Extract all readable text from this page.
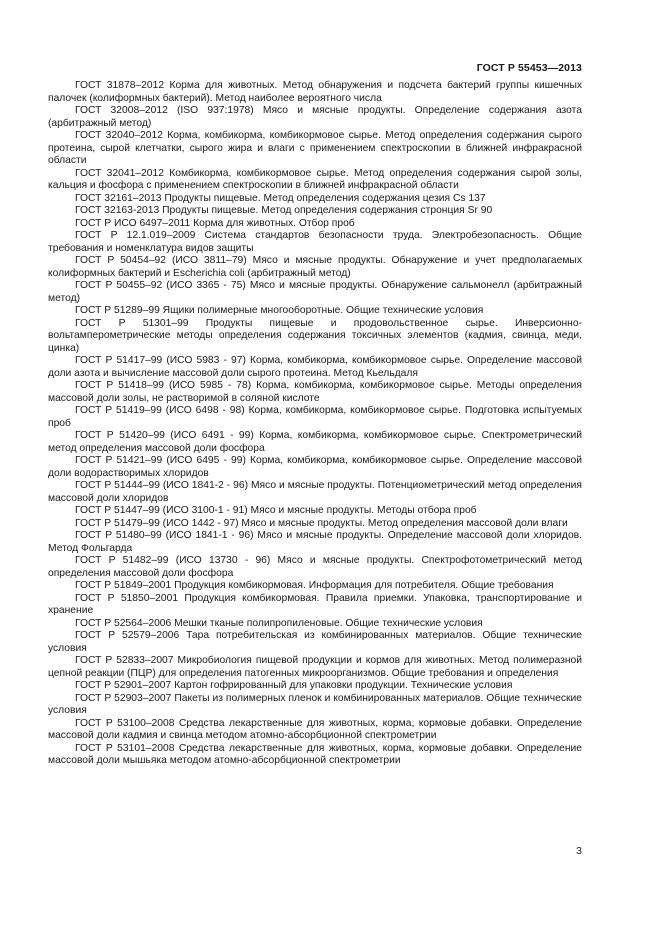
ГОСТ Р 55453—2013

ГОСТ 31878–2012 Корма для животных. Метод обнаружения и подсчета бактерий группы кишечных палочек (колиформных бактерий). Метод наиболее вероятного числа

ГОСТ 32008–2012 (ISO 937:1978) Мясо и мясные продукты. Определение содержания азота (арбитражный метод)

ГОСТ 32040–2012 Корма, комбикорма, комбикормовое сырье. Метод определения содержания сырого протеина, сырой клетчатки, сырого жира и влаги с применением спектроскопии в ближней инфракрасной области

ГОСТ 32041–2012 Комбикорма, комбикормовое сырье. Метод определения содержания сырой золы, кальция и фосфора с применением спектроскопии в ближней инфракрасной области

ГОСТ 32161–2013 Продукты пищевые. Метод определения содержания цезия Cs 137

ГОСТ 32163-2013 Продукты пищевые. Метод определения содержания стронция Sr 90

ГОСТ Р ИСО 6497–2011 Корма для животных. Отбор проб

ГОСТ Р 12.1.019–2009 Система стандартов безопасности труда. Электробезопасность. Общие требования и номенклатура видов защиты

ГОСТ Р 50454–92 (ИСО 3811–79) Мясо и мясные продукты. Обнаружение и учет предполагаемых колиформных бактерий и Escherichia coli (арбитражный метод)

ГОСТ Р 50455–92 (ИСО 3365 - 75) Мясо и мясные продукты. Обнаружение сальмонелл (арбитражный метод)

ГОСТ Р 51289–99 Ящики полимерные многооборотные. Общие технические условия

ГОСТ Р 51301–99 Продукты пищевые и продовольственное сырье. Инверсионно-вольтамперометрические методы определения содержания токсичных элементов (кадмия, свинца, меди, цинка)

ГОСТ Р 51417–99 (ИСО 5983 - 97) Корма, комбикорма, комбикормовое сырье. Определение массовой доли азота и вычисление массовой доли сырого протеина. Метод Кьельдаля

ГОСТ Р 51418–99 (ИСО 5985 - 78) Корма, комбикорма, комбикормовое сырье. Методы определения массовой доли золы, не растворимой в соляной кислоте

ГОСТ Р 51419–99 (ИСО 6498 - 98) Корма, комбикорма, комбикормовое сырье. Подготовка испытуемых проб

ГОСТ Р 51420–99 (ИСО 6491 - 99) Корма, комбикорма, комбикормовое сырье. Спектрометрический метод определения массовой доли фосфора

ГОСТ Р 51421–99 (ИСО 6495 - 99) Корма, комбикорма, комбикормовое сырье. Определение массовой доли водорастворимых хлоридов

ГОСТ Р 51444–99 (ИСО 1841-2 - 96) Мясо и мясные продукты. Потенциометрический метод определения массовой доли хлоридов

ГОСТ Р 51447–99 (ИСО 3100-1 - 91) Мясо и мясные продукты. Методы отбора проб

ГОСТ Р 51479–99 (ИСО 1442 - 97) Мясо и мясные продукты. Метод определения массовой доли влаги

ГОСТ Р 51480–99 (ИСО 1841-1 - 96) Мясо и мясные продукты. Определение массовой доли хлоридов. Метод Фольгарда

ГОСТ Р 51482–99 (ИСО 13730 - 96) Мясо и мясные продукты. Спектрофотометрический метод определения массовой доли фосфора

ГОСТ Р 51849–2001 Продукция комбикормовая. Информация для потребителя. Общие требования

ГОСТ Р 51850–2001 Продукция комбикормовая. Правила приемки. Упаковка, транспортирование и хранение

ГОСТ Р 52564–2006 Мешки тканые полипропиленовые. Общие технические условия

ГОСТ Р 52579–2006 Тара потребительская из комбинированных материалов. Общие технические условия

ГОСТ Р 52833–2007 Микробиология пищевой продукции и кормов для животных. Метод полимеразной цепной реакции (ПЦР) для определения патогенных микроорганизмов. Общие требования и определения

ГОСТ Р 52901–2007 Картон гофрированный для упаковки продукции. Технические условия

ГОСТ Р 52903–2007 Пакеты из полимерных пленок и комбинированных материалов. Общие технические условия

ГОСТ Р 53100–2008 Средства лекарственные для животных, корма, кормовые добавки. Определение массовой доли кадмия и свинца методом атомно-абсорбционной спектрометрии

ГОСТ Р 53101–2008 Средства лекарственные для животных, корма, кормовые добавки. Определение массовой доли мышьяка методом атомно-абсорбционной спектрометрии

3
